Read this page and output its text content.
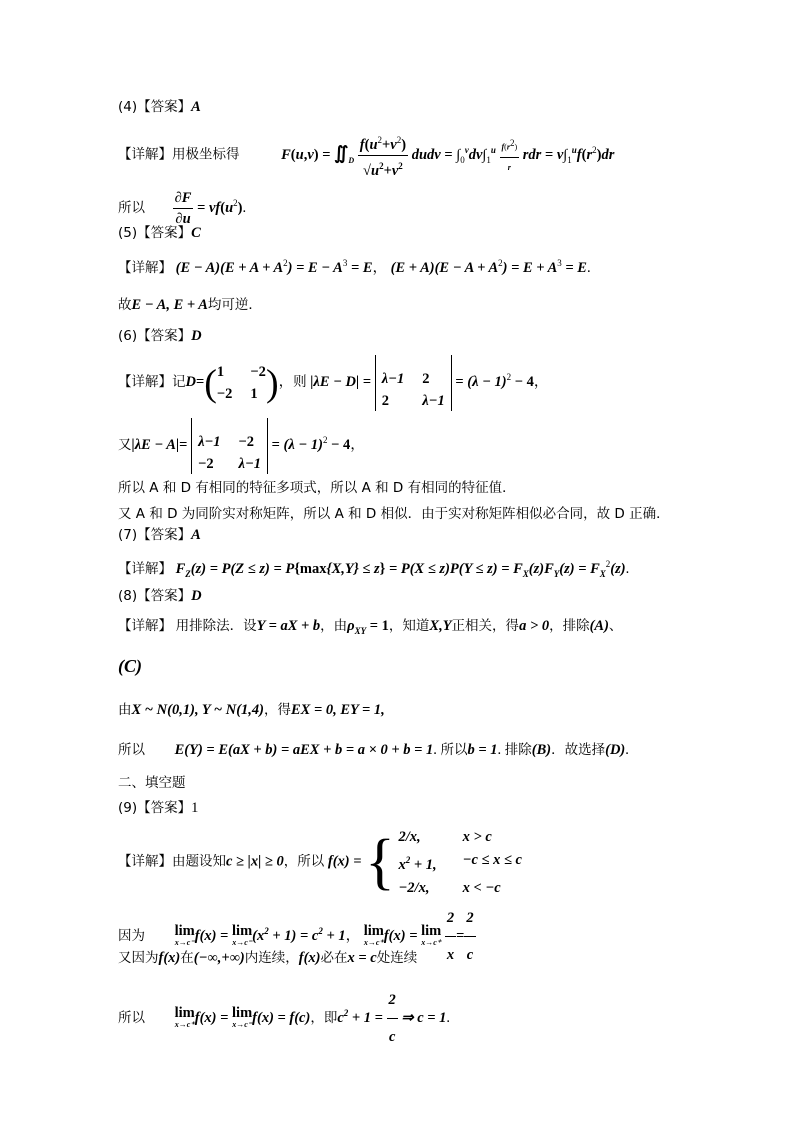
(4)【答案】A
【详解】用极坐标得	$F(u,v) = ∬_D \frac{f(u^2+v^2)}{√u^2+v^2}$ dudv = $\int_0^vdv\int_1^u \frac{f(r^2)}{r}$ rdr = $v\int_1^uf(r^2)dr$
所以 $\frac{\partial F}{\partial u} = vf(u^2)$.
(5)【答案】C
【详解】 $(E - A)(E + A + A^2) = E - A^3 = E$， $(E + A)(E - A + A^2) = E + A^3 = E$.
故E − A, E + A均可逆．
(6)【答案】D
【详解】记D=( 1	−2
−2 1 )，则 |λE − D| = λ−1 2
2	λ−1
= $(\lambda - 1)^2 - 4$，
又|λE − A|= λ−1 −2
−2	λ−1
= $(\lambda - 1)^2 - 4$，
所以 A 和 D 有相同的特征多项式，所以 A 和 D 有相同的特征值．
又 A 和 D 为同阶实对称矩阵，所以 A 和 D 相似．由于实对称矩阵相似必合同，故 D 正确．
(7)【答案】A
【详解】 $F_Z(z) = P(Z \le z) = P\{\max\{X,Y\} \le z\} = P(X \le z)P(Y \le z) = F_X(z)F_Y(z) = F_X^2(z)$.
(8)【答案】D
【详解】 用排除法．设Y = aX + b，由$\rho_{XY} = 1$，知道X,Y正相关，得a > 0，排除(A)、
(C)
由X ~ N(0,1), Y ~ N(1,4)，得EX = 0, EY = 1,
所以 E(Y) = E(aX + b) = aEX + b = a × 0 + b = 1. 所以b = 1. 排除(B)．故选择(D).
二、填空题
(9)【答案】1
【详解】由题设知c ≥ |x| ≥ 0，所以 f(x) = { 2/x,	x > c
$x^2 + 1$, −c ≤ x ≤ c
−2/x,	x < −c
因为 lim
x→c⁻ f(x) = lim
x→c⁻ $(x^2 + 1) = c^2 + 1$， lim
x→c⁺ f(x) = lim
x→c⁺
$\frac{2}{x} = \frac{2}{c}$
又因为f(x)在(−∞,+∞)内连续，f(x)必在x = c处连续
所以 lim
x→c⁺ f(x) = lim
x→c⁻ f(x) = f(c)，即$c^2 + 1 = \frac{2}{c}$ ⇒ c = 1.
